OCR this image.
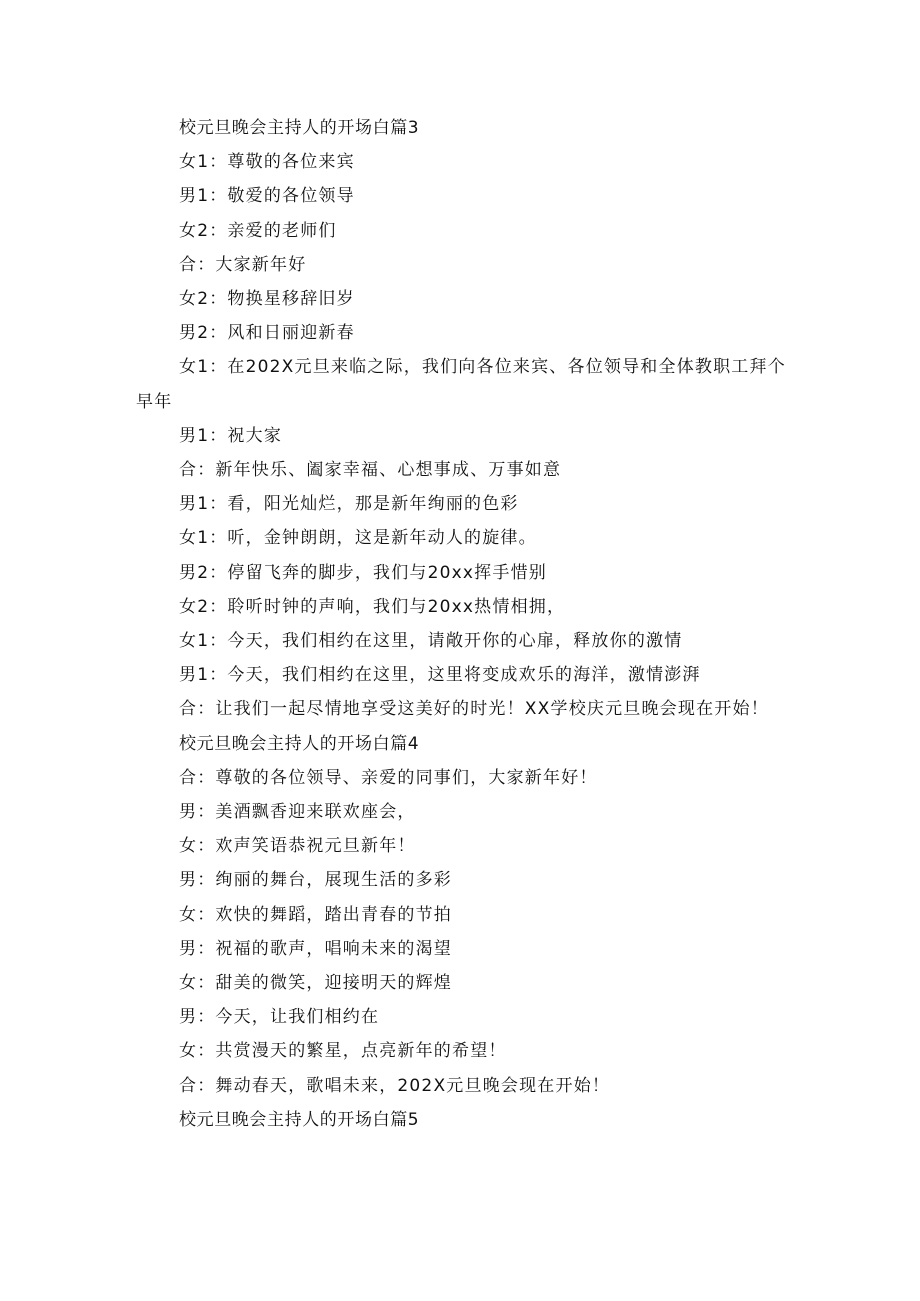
校元旦晚会主持人的开场白篇3

女1：尊敬的各位来宾

男1：敬爱的各位领导

女2：亲爱的老师们

合：大家新年好

女2：物换星移辞旧岁

男2：风和日丽迎新春

女1：在202X元旦来临之际，我们向各位来宾、各位领导和全体教职工拜个早年

男1：祝大家

合：新年快乐、阖家幸福、心想事成、万事如意

男1：看，阳光灿烂，那是新年绚丽的色彩

女1：听，金钟朗朗，这是新年动人的旋律。

男2：停留飞奔的脚步，我们与20xx挥手惜别

女2：聆听时钟的声响，我们与20xx热情相拥，

女1：今天，我们相约在这里，请敞开你的心扉，释放你的激情

男1：今天，我们相约在这里，这里将变成欢乐的海洋，激情澎湃

合：让我们一起尽情地享受这美好的时光！XX学校庆元旦晚会现在开始！

校元旦晚会主持人的开场白篇4

合：尊敬的各位领导、亲爱的同事们，大家新年好！

男：美酒飘香迎来联欢座会，

女：欢声笑语恭祝元旦新年！

男：绚丽的舞台，展现生活的多彩

女：欢快的舞蹈，踏出青春的节拍

男：祝福的歌声，唱响未来的渴望

女：甜美的微笑，迎接明天的辉煌

男：今天，让我们相约在

女：共赏漫天的繁星，点亮新年的希望！

合：舞动春天，歌唱未来，202X元旦晚会现在开始！

校元旦晚会主持人的开场白篇5
